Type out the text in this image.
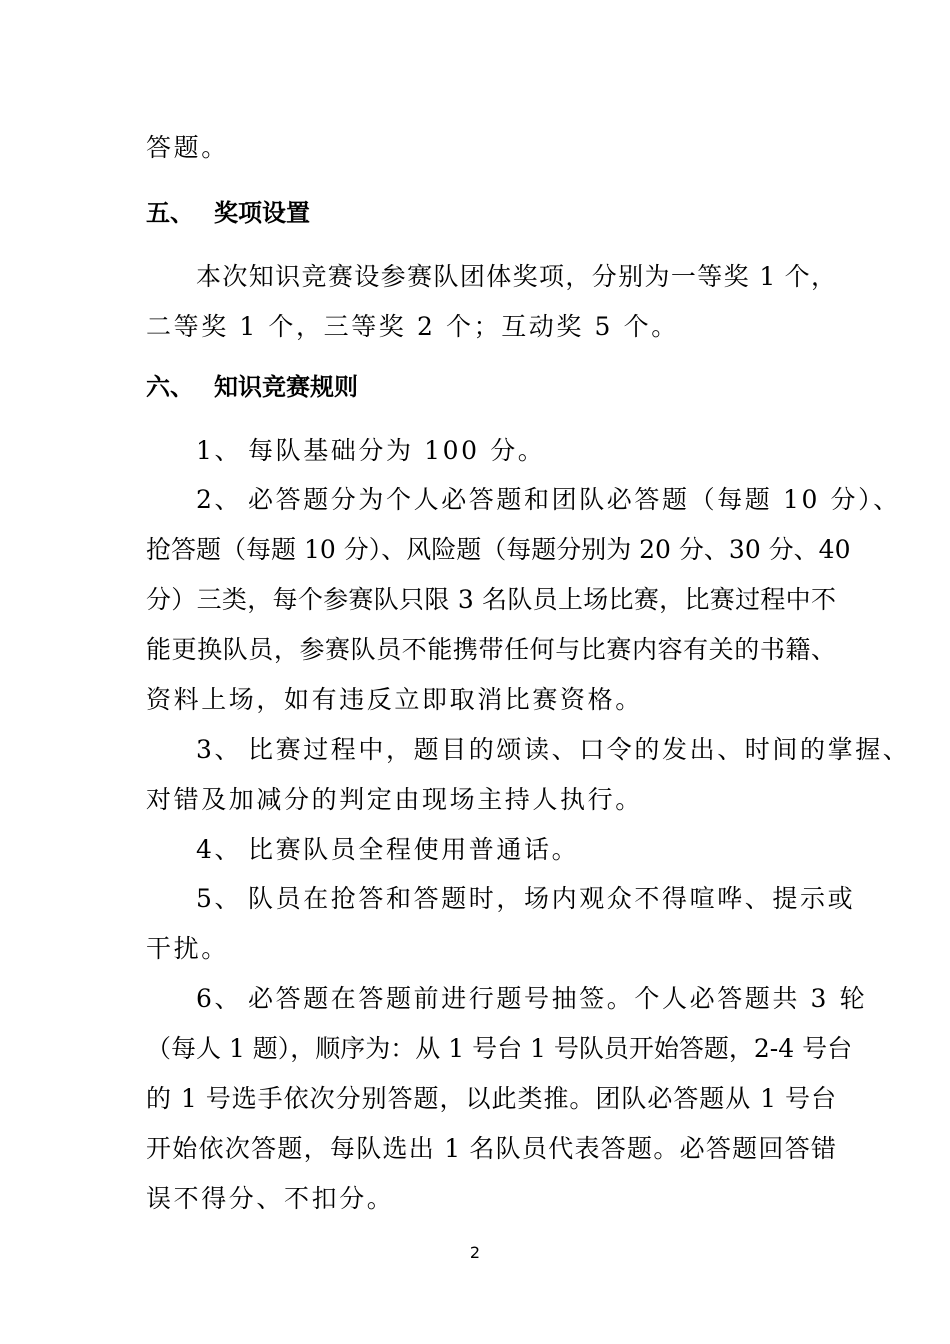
答题。
五、 奖项设置
本次知识竞赛设参赛队团体奖项，分别为一等奖 1 个，
二等奖 1 个，三等奖 2 个；互动奖 5 个。
六、 知识竞赛规则
1、 每队基础分为 100 分。
2、 必答题分为个人必答题和团队必答题（每题 10 分）、
抢答题（每题 10 分）、风险题（每题分别为 20 分、30 分、40
分）三类，每个参赛队只限 3 名队员上场比赛，比赛过程中不
能更换队员，参赛队员不能携带任何与比赛内容有关的书籍、
资料上场，如有违反立即取消比赛资格。
3、 比赛过程中，题目的颂读、口令的发出、时间的掌握、
对错及加减分的判定由现场主持人执行。
4、 比赛队员全程使用普通话。
5、 队员在抢答和答题时，场内观众不得喧哗、提示或
干扰。
6、 必答题在答题前进行题号抽签。个人必答题共 3 轮
（每人 1 题），顺序为：从 1 号台 1 号队员开始答题，2-4 号台
的 1 号选手依次分别答题，以此类推。团队必答题从 1 号台
开始依次答题，每队选出 1 名队员代表答题。必答题回答错
误不得分、不扣分。
2
